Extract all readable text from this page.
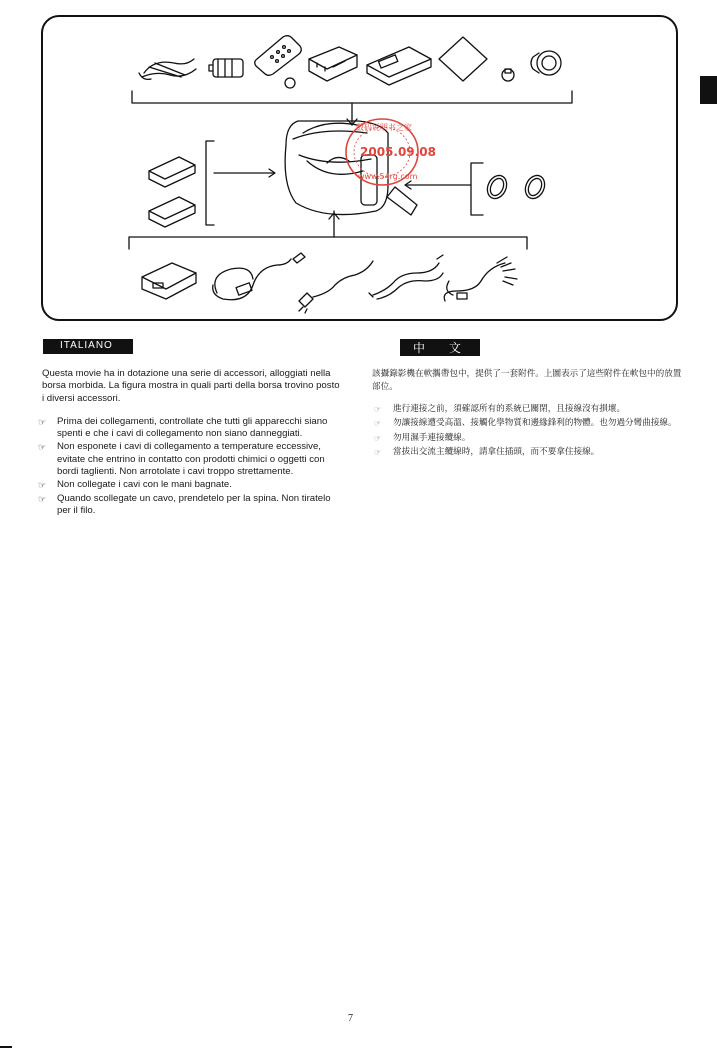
数码说明书之家
2005.09.08
www.54rg.com
ITALIANO

Questa movie ha in dotazione una serie di accessori, alloggiati nella borsa morbida. La figura mostra in quali parti della borsa trovino posto i diversi accessori.

☞	Prima dei collegamenti, controllate che tutti gli apparecchi siano spenti e che i cavi di collegamento non siano danneggiati.
☞	Non esponete i cavi di collegamento a temperature eccessive, evitate che entrino in contatto con prodotti chimici o oggetti con bordi taglienti. Non arrotolate i cavi troppo strettamente.
☞	Non collegate i cavi con le mani bagnate.
☞	Quando scollegate un cavo, prendetelo per la spina. Non tiratelo per il filo.
中 文

該攝錄影機在軟攜帶包中，提供了一套附件。上圖表示了這些附件在軟包中的放置部位。

☞ 進行連接之前，須確認所有的系統已關閉，且接線沒有損壞。
☞ 勿讓接線遭受高溫、接觸化學物質和邊緣鋒利的物體。也勿過分彎曲接線。
☞ 勿用濕手連接纜線。
☞ 當拔出交流主纜線時，請拿住插頭，而不要拿住接線。
7
